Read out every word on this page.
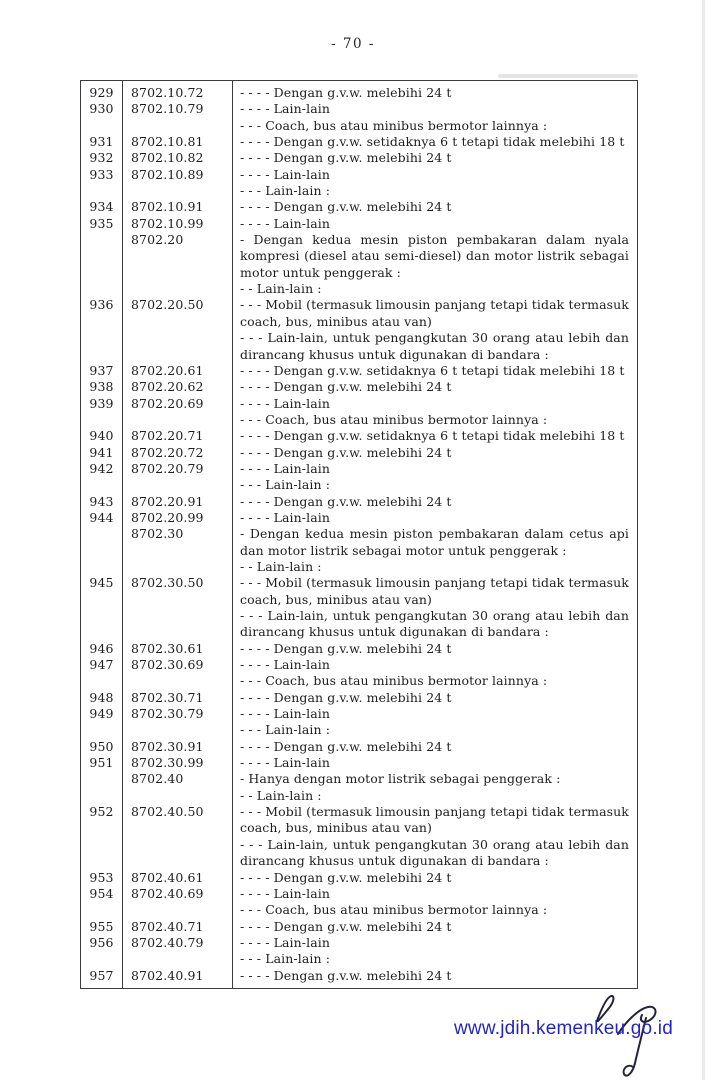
- 70 -
929	8702.10.72	- - - - Dengan g.v.w. melebihi 24 t
930	8702.10.79	- - - - Lain-lain
- - - Coach, bus atau minibus bermotor lainnya :
931	8702.10.81	- - - - Dengan g.v.w. setidaknya 6 t tetapi tidak melebihi 18 t
932	8702.10.82	- - - - Dengan g.v.w. melebihi 24 t
933	8702.10.89	- - - - Lain-lain
- - - Lain-lain :
934	8702.10.91	- - - - Dengan g.v.w. melebihi 24 t
935	8702.10.99	- - - - Lain-lain
8702.20	- Dengan kedua mesin piston pembakaran dalam nyala kompresi (diesel atau semi-diesel) dan motor listrik sebagai motor untuk penggerak :
- - Lain-lain :
936	8702.20.50	- - - Mobil (termasuk limousin panjang tetapi tidak termasuk coach, bus, minibus atau van)
- - - Lain-lain, untuk pengangkutan 30 orang atau lebih dan dirancang khusus untuk digunakan di bandara :
937	8702.20.61	- - - - Dengan g.v.w. setidaknya 6 t tetapi tidak melebihi 18 t
938	8702.20.62	- - - - Dengan g.v.w. melebihi 24 t
939	8702.20.69	- - - - Lain-lain
- - - Coach, bus atau minibus bermotor lainnya :
940	8702.20.71	- - - - Dengan g.v.w. setidaknya 6 t tetapi tidak melebihi 18 t
941	8702.20.72	- - - - Dengan g.v.w. melebihi 24 t
942	8702.20.79	- - - - Lain-lain
- - - Lain-lain :
943	8702.20.91	- - - - Dengan g.v.w. melebihi 24 t
944	8702.20.99	- - - - Lain-lain
8702.30	- Dengan kedua mesin piston pembakaran dalam cetus api dan motor listrik sebagai motor untuk penggerak :
- - Lain-lain :
945	8702.30.50	- - - Mobil (termasuk limousin panjang tetapi tidak termasuk coach, bus, minibus atau van)
- - - Lain-lain, untuk pengangkutan 30 orang atau lebih dan dirancang khusus untuk digunakan di bandara :
946	8702.30.61	- - - - Dengan g.v.w. melebihi 24 t
947	8702.30.69	- - - - Lain-lain
- - - Coach, bus atau minibus bermotor lainnya :
948	8702.30.71	- - - - Dengan g.v.w. melebihi 24 t
949	8702.30.79	- - - - Lain-lain
- - - Lain-lain :
950	8702.30.91	- - - - Dengan g.v.w. melebihi 24 t
951	8702.30.99	- - - - Lain-lain
8702.40	- Hanya dengan motor listrik sebagai penggerak :
- - Lain-lain :
952	8702.40.50	- - - Mobil (termasuk limousin panjang tetapi tidak termasuk coach, bus, minibus atau van)
- - - Lain-lain, untuk pengangkutan 30 orang atau lebih dan dirancang khusus untuk digunakan di bandara :
953	8702.40.61	- - - - Dengan g.v.w. melebihi 24 t
954	8702.40.69	- - - - Lain-lain
- - - Coach, bus atau minibus bermotor lainnya :
955	8702.40.71	- - - - Dengan g.v.w. melebihi 24 t
956	8702.40.79	- - - - Lain-lain
- - - Lain-lain :
957	8702.40.91	- - - - Dengan g.v.w. melebihi 24 t
www.jdih.kemenkeu.go.id
